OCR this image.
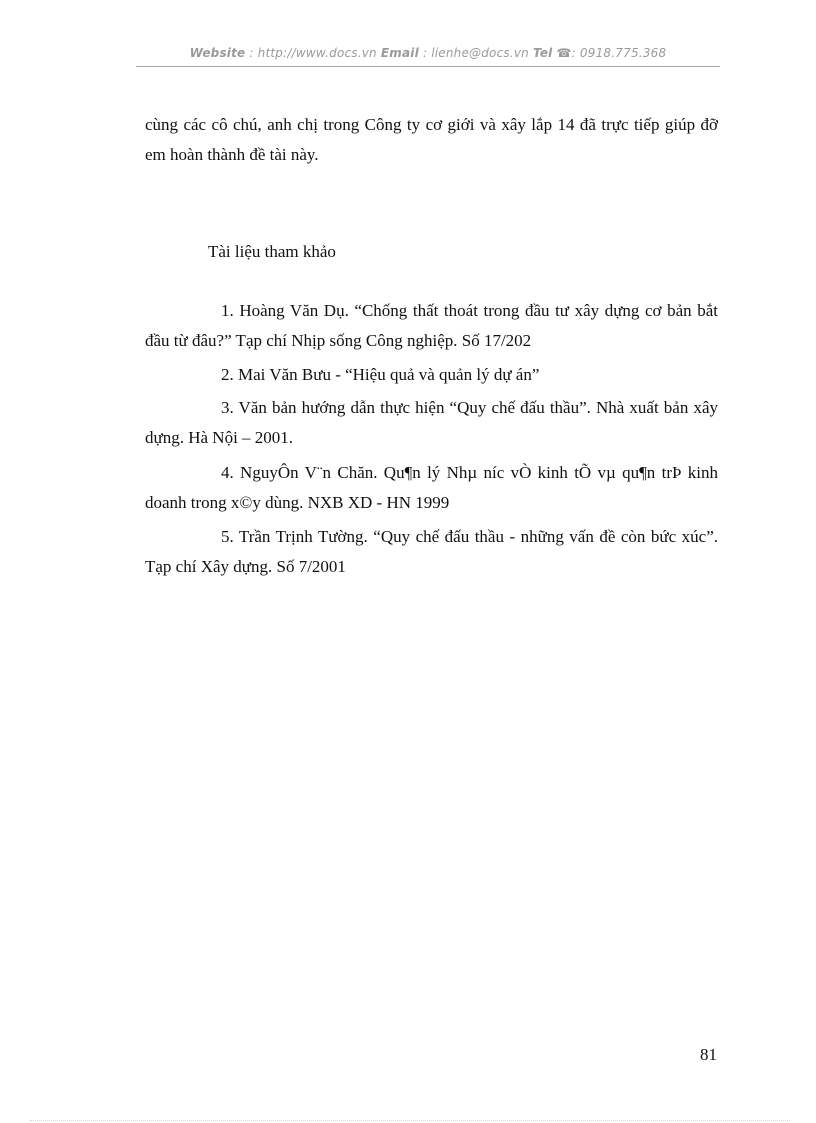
Website : http://www.docs.vn Email : lienhe@docs.vn Tel ☎: 0918.775.368

cùng các cô chú, anh chị trong Công ty cơ giới và xây lắp 14 đã trực tiếp giúp đỡ em hoàn thành đề tài này.

Tài liệu tham khảo

1. Hoàng Văn Dụ. “Chống thất thoát trong đầu tư xây dựng cơ bản bắt đầu từ đâu?” Tạp chí Nhịp sống Công nghiệp. Số 17/202

2. Mai Văn Bưu - “Hiệu quả và quản lý dự án”

3. Văn bản hướng dẫn thực hiện “Quy chế đấu thầu”. Nhà xuất bản xây dựng. Hà Nội – 2001.

4. NguyÔn V¨n Chăn. Qu¶n lý Nhµ níc vÒ kinh tÕ vµ qu¶n trÞ kinh doanh trong x©y dùng. NXB XD - HN 1999

5. Trần Trịnh Tường. “Quy chế đấu thầu - những vấn đề còn bức xúc”. Tạp chí Xây dựng. Số 7/2001

81
